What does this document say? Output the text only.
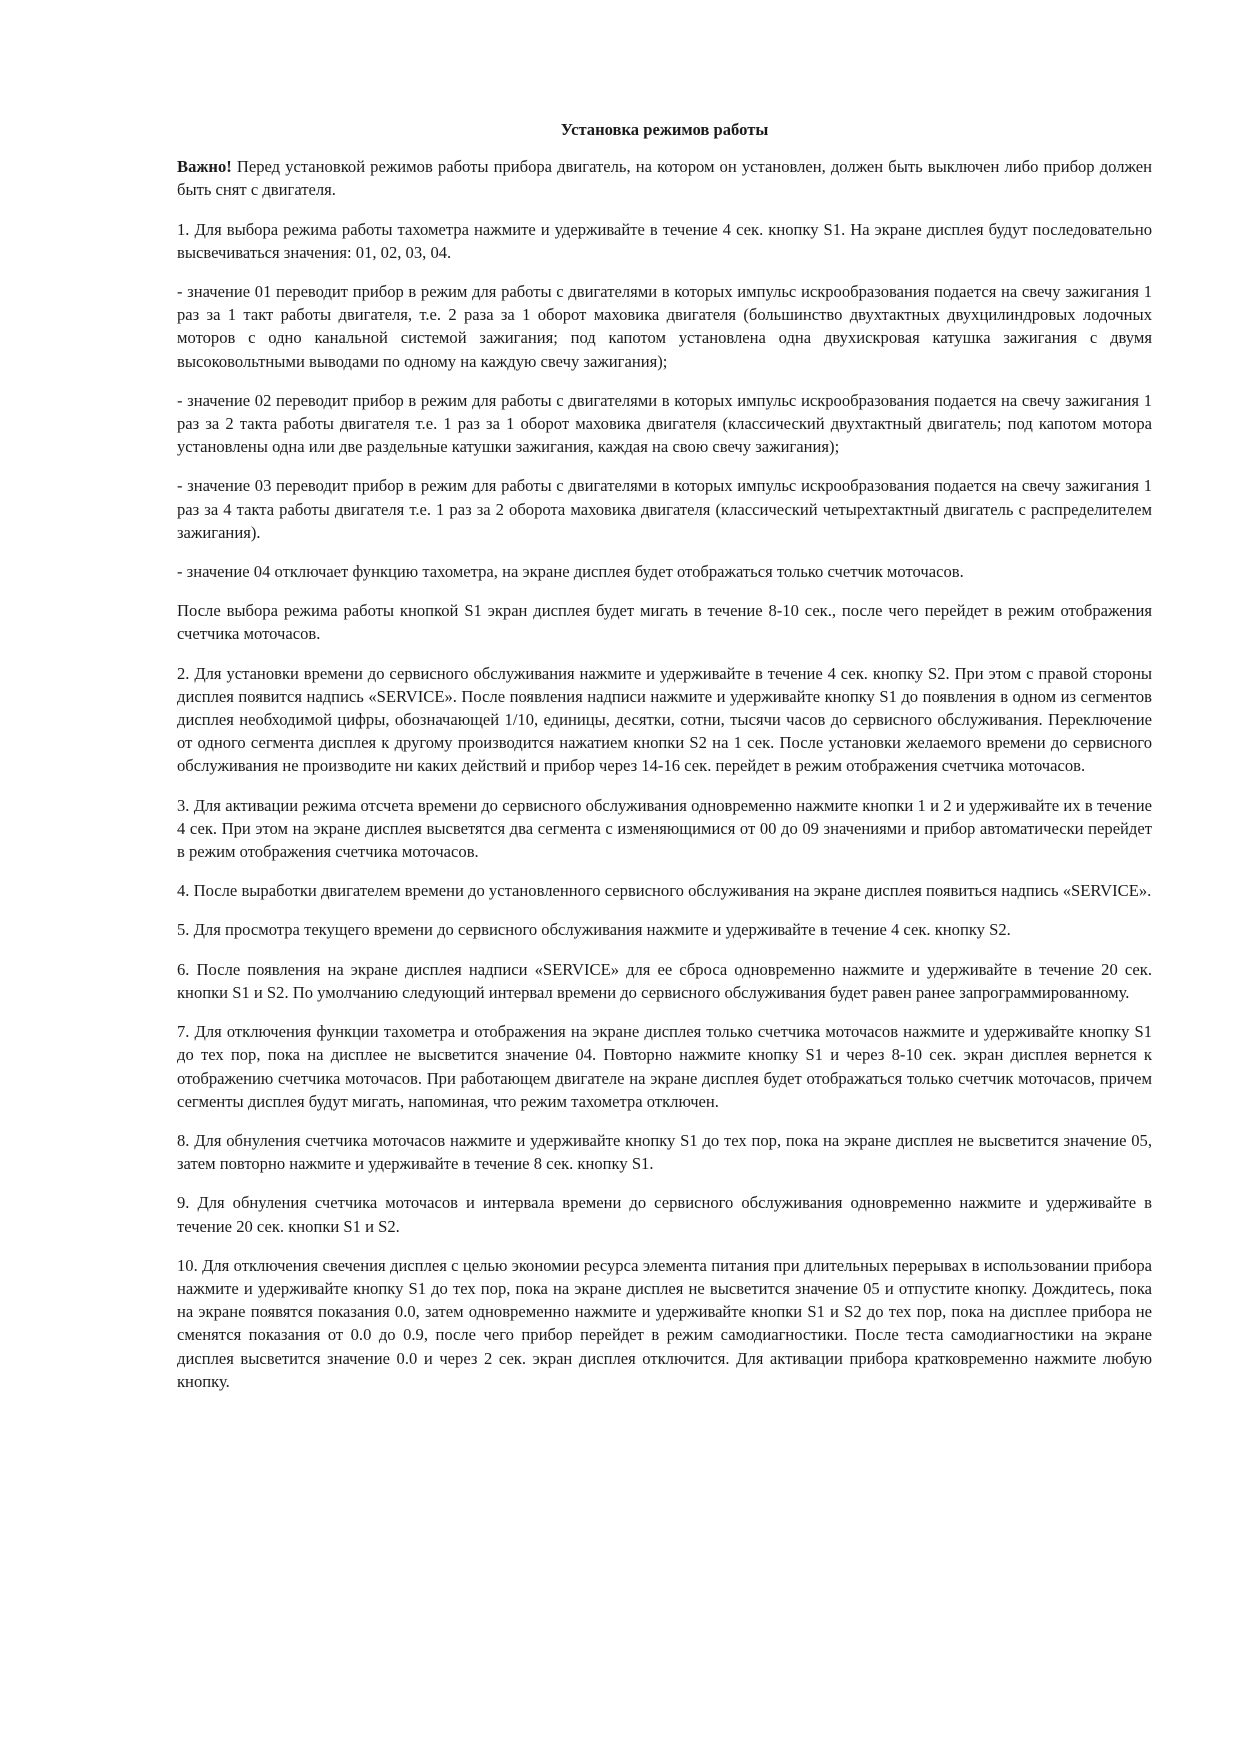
Установка режимов работы

Важно! Перед установкой режимов работы прибора двигатель, на котором он установлен, должен быть выключен либо прибор должен быть снят с двигателя.

1. Для выбора режима работы тахометра нажмите и удерживайте в течение 4 сек. кнопку S1. На экране дисплея будут последовательно высвечиваться значения: 01, 02, 03, 04.

- значение 01 переводит прибор в режим для работы с двигателями в которых импульс искрообразования подается на свечу зажигания 1 раз за 1 такт работы двигателя, т.е. 2 раза за 1 оборот маховика двигателя (большинство двухтактных двухцилиндровых лодочных моторов с одно канальной системой зажигания; под капотом установлена одна двухискровая катушка зажигания с двумя высоковольтными выводами по одному на каждую свечу зажигания);

- значение 02 переводит прибор в режим для работы с двигателями в которых импульс искрообразования подается на свечу зажигания 1 раз за 2 такта работы двигателя т.е. 1 раз за 1 оборот маховика двигателя (классический двухтактный двигатель; под капотом мотора установлены одна или две раздельные катушки зажигания, каждая на свою свечу зажигания);

- значение 03 переводит прибор в режим для работы с двигателями в которых импульс искрообразования подается на свечу зажигания 1 раз за 4 такта работы двигателя т.е. 1 раз за 2 оборота маховика двигателя (классический четырехтактный двигатель с распределителем зажигания).

- значение 04 отключает функцию тахометра, на экране дисплея будет отображаться только счетчик моточасов.

После выбора режима работы кнопкой S1 экран дисплея будет мигать в течение 8-10 сек., после чего перейдет в режим отображения счетчика моточасов.

2. Для установки времени до сервисного обслуживания нажмите и удерживайте в течение 4 сек. кнопку S2. При этом с правой стороны дисплея появится надпись «SERVICE». После появления надписи нажмите и удерживайте кнопку S1 до появления в одном из сегментов дисплея необходимой цифры, обозначающей 1/10, единицы, десятки, сотни, тысячи часов до сервисного обслуживания. Переключение от одного сегмента дисплея к другому производится нажатием кнопки S2 на 1 сек. После установки желаемого времени до сервисного обслуживания не производите ни каких действий и прибор через 14-16 сек. перейдет в режим отображения счетчика моточасов.

3. Для активации режима отсчета времени до сервисного обслуживания одновременно нажмите кнопки 1 и 2 и удерживайте их в течение 4 сек. При этом на экране дисплея высветятся два сегмента с изменяющимися от 00 до 09 значениями и прибор автоматически перейдет в режим отображения счетчика моточасов.

4. После выработки двигателем времени до установленного сервисного обслуживания на экране дисплея появиться надпись «SERVICE».

5. Для просмотра текущего времени до сервисного обслуживания нажмите и удерживайте в течение 4 сек. кнопку S2.

6. После появления на экране дисплея надписи «SERVICE» для ее сброса одновременно нажмите и удерживайте в течение 20 сек. кнопки S1 и S2. По умолчанию следующий интервал времени до сервисного обслуживания будет равен ранее запрограммированному.

7. Для отключения функции тахометра и отображения на экране дисплея только счетчика моточасов нажмите и удерживайте кнопку S1 до тех пор, пока на дисплее не высветится значение 04. Повторно нажмите кнопку S1 и через 8-10 сек. экран дисплея вернется к отображению счетчика моточасов. При работающем двигателе на экране дисплея будет отображаться только счетчик моточасов, причем сегменты дисплея будут мигать, напоминая, что режим тахометра отключен.

8. Для обнуления счетчика моточасов нажмите и удерживайте кнопку S1 до тех пор, пока на экране дисплея не высветится значение 05, затем повторно нажмите и удерживайте в течение 8 сек. кнопку S1.

9. Для обнуления счетчика моточасов и интервала времени до сервисного обслуживания одновременно нажмите и удерживайте в течение 20 сек. кнопки S1 и S2.

10. Для отключения свечения дисплея с целью экономии ресурса элемента питания при длительных перерывах в использовании прибора нажмите и удерживайте кнопку S1 до тех пор, пока на экране дисплея не высветится значение 05 и отпустите кнопку. Дождитесь, пока на экране появятся показания 0.0, затем одновременно нажмите и удерживайте кнопки S1 и S2 до тех пор, пока на дисплее прибора не сменятся показания от 0.0 до 0.9, после чего прибор перейдет в режим самодиагностики. После теста самодиагностики на экране дисплея высветится значение 0.0 и через 2 сек. экран дисплея отключится. Для активации прибора кратковременно нажмите любую кнопку.
